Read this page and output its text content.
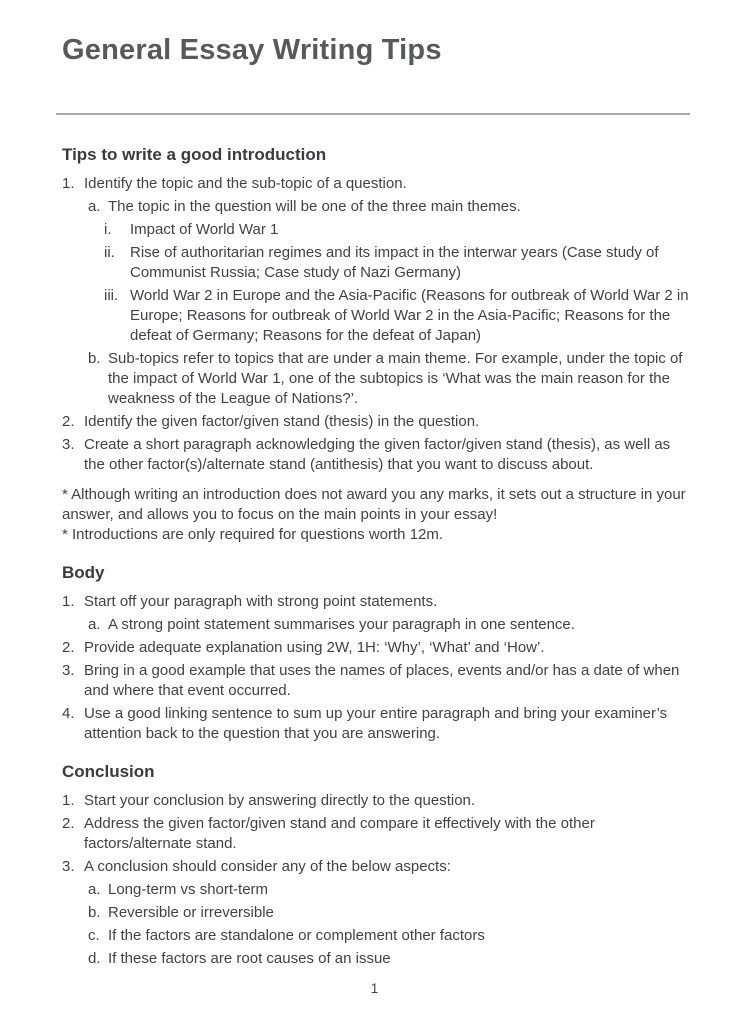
General Essay Writing Tips
Tips to write a good introduction
1. Identify the topic and the sub-topic of a question.
a. The topic in the question will be one of the three main themes.
i.	Impact of World War 1
ii.	Rise of authoritarian regimes and its impact in the interwar years (Case study of Communist Russia; Case study of Nazi Germany)
iii. World War 2 in Europe and the Asia-Pacific (Reasons for outbreak of World War 2 in Europe; Reasons for outbreak of World War 2 in the Asia-Pacific; Reasons for the defeat of Germany; Reasons for the defeat of Japan)
b. Sub-topics refer to topics that are under a main theme. For example, under the topic of the impact of World War 1, one of the subtopics is ‘What was the main reason for the weakness of the League of Nations?’.
2. Identify the given factor/given stand (thesis) in the question.
3. Create a short paragraph acknowledging the given factor/given stand (thesis), as well as the other factor(s)/alternate stand (antithesis) that you want to discuss about.

* Although writing an introduction does not award you any marks, it sets out a structure in your answer, and allows you to focus on the main points in your essay!

* Introductions are only required for questions worth 12m.

Body
1. Start off your paragraph with strong point statements.
a. A strong point statement summarises your paragraph in one sentence.
2. Provide adequate explanation using 2W, 1H: ‘Why’, ‘What’ and ‘How’.
3. Bring in a good example that uses the names of places, events and/or has a date of when and where that event occurred.
4. Use a good linking sentence to sum up your entire paragraph and bring your examiner’s attention back to the question that you are answering.
Conclusion
1. Start your conclusion by answering directly to the question.
2. Address the given factor/given stand and compare it effectively with the other factors/alternate stand.
3. A conclusion should consider any of the below aspects:
a. Long-term vs short-term
b. Reversible or irreversible
c. If the factors are standalone or complement other factors
d. If these factors are root causes of an issue
1
